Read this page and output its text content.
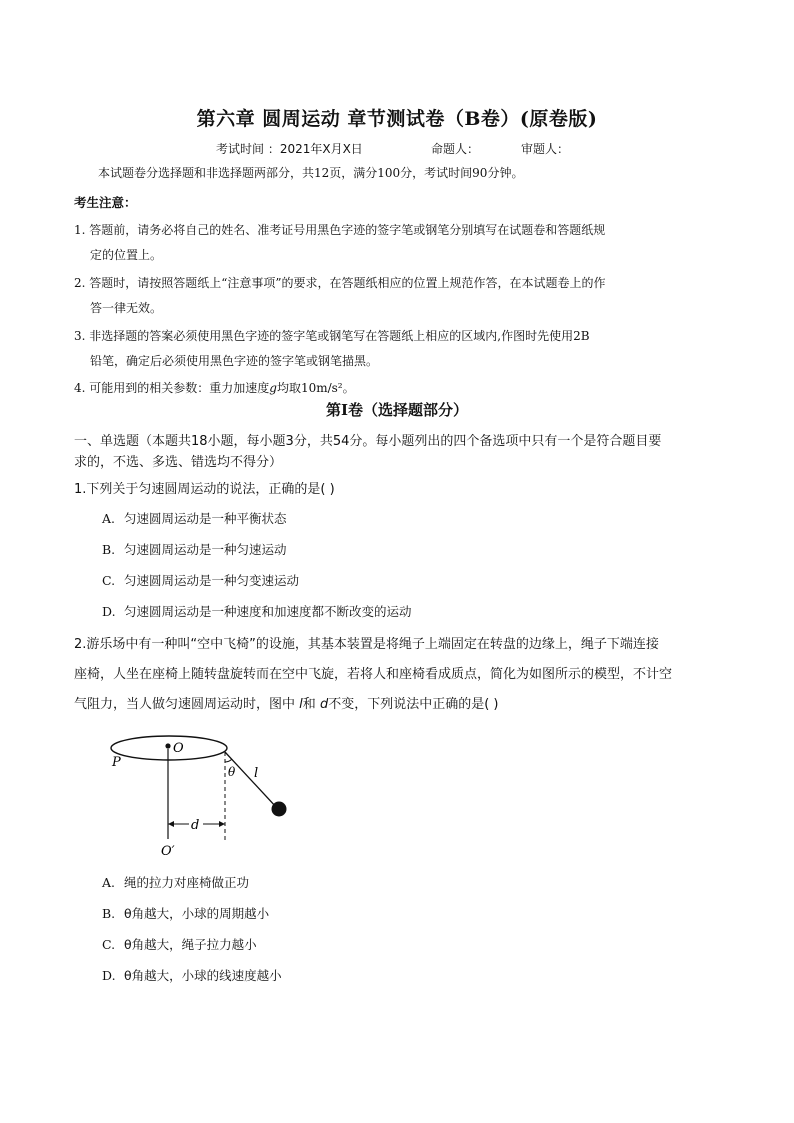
第六章 圆周运动 章节测试卷（B卷）(原卷版)
考试时间 ：2021年X月X日	命题人：	审题人：
本试题卷分选择题和非选择题两部分，共12页，满分100分，考试时间90分钟。
考生注意：
1. 答题前，请务必将自己的姓名、准考证号用黑色字迹的签字笔或钢笔分别填写在试题卷和答题纸规
定的位置上。
2. 答题时，请按照答题纸上“注意事项”的要求，在答题纸相应的位置上规范作答，在本试题卷上的作
答一律无效。
3. 非选择题的答案必须使用黑色字迹的签字笔或钢笔写在答题纸上相应的区域内,作图时先使用2B
铅笔，确定后必须使用黑色字迹的签字笔或钢笔描黑。
4. 可能用到的相关参数：重力加速度g均取10m/s²。
第Ⅰ卷（选择题部分）
一、单选题（本题共18小题，每小题3分，共54分。每小题列出的四个备选项中只有一个是符合题目要
求的，不选、多选、错选均不得分）
1.下列关于匀速圆周运动的说法，正确的是( )
A. 匀速圆周运动是一种平衡状态
B. 匀速圆周运动是一种匀速运动
C. 匀速圆周运动是一种匀变速运动
D. 匀速圆周运动是一种速度和加速度都不断改变的运动
2.游乐场中有一种叫“空中飞椅”的设施，其基本装置是将绳子上端固定在转盘的边缘上，绳子下端连接
座椅，人坐在座椅上随转盘旋转而在空中飞旋，若将人和座椅看成质点，简化为如图所示的模型，不计空
气阻力，当人做匀速圆周运动时，图中 l和 d不变，下列说法中正确的是( )
O
P
θ l
d
O′
A. 绳的拉力对座椅做正功
B. θ角越大，小球的周期越小
C. θ角越大，绳子拉力越小
D. θ角越大，小球的线速度越小
